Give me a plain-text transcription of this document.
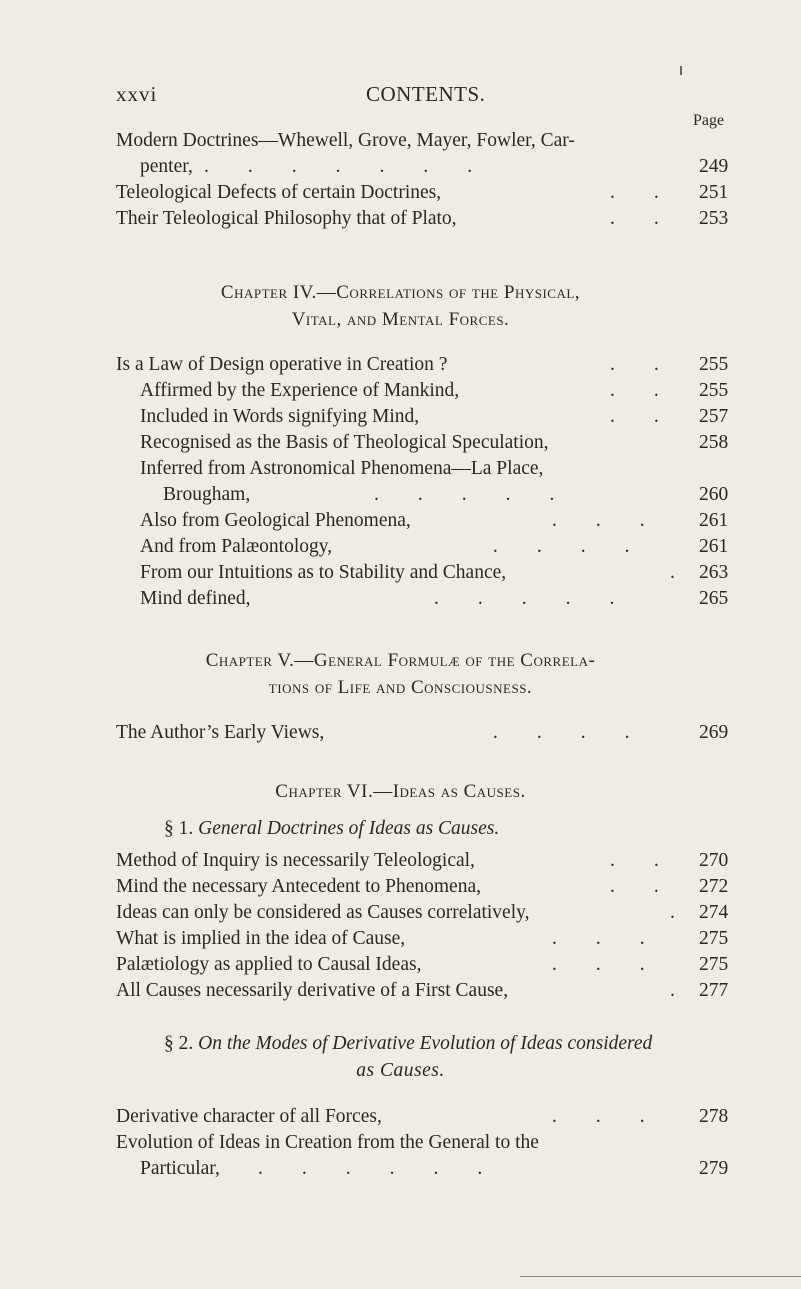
xxvi	CONTENTS.
Page
Modern Doctrines—Whewell, Grove, Mayer, Fowler, Car-
penter, .  .  .  .  .  .  .	249
Teleological Defects of certain Doctrines,	.  . 251
Their Teleological Philosophy that of Plato,	.  . 253
Chapter IV.—Correlations of the Physical,
Vital, and Mental Forces.
Is a Law of Design operative in Creation ?	.  . 255
Affirmed by the Experience of Mankind,	.  . 255
Included in Words signifying Mind,	.  . 257
Recognised as the Basis of Theological Speculation,	258
Inferred from Astronomical Phenomena—La Place,
Brougham,	.  .  .  .  .	260
Also from Geological Phenomena,	.  .  .	261
And from Palæontology,	.  .  .  .	261
From our Intuitions as to Stability and Chance,	. 263
Mind defined,	.  .  .  .  .	265
Chapter V.—General Formulæ of the Correla-
tions of Life and Consciousness.
The Author’s Early Views,	.  .  .  .	269
Chapter VI.—Ideas as Causes.
§ 1. General Doctrines of Ideas as Causes.
Method of Inquiry is necessarily Teleological,	.  . 270
Mind the necessary Antecedent to Phenomena,	.  . 272
Ideas can only be considered as Causes correlatively,	. 274
What is implied in the idea of Cause,	.  .  .	275
Palætiology as applied to Causal Ideas,	.  .  .	275
All Causes necessarily derivative of a First Cause,	. 277
§ 2. On the Modes of Derivative Evolution of Ideas considered
as Causes.
Derivative character of all Forces,	.  .  .	278
Evolution of Ideas in Creation from the General to the
Particular, .  .  .  .  .  .	279
